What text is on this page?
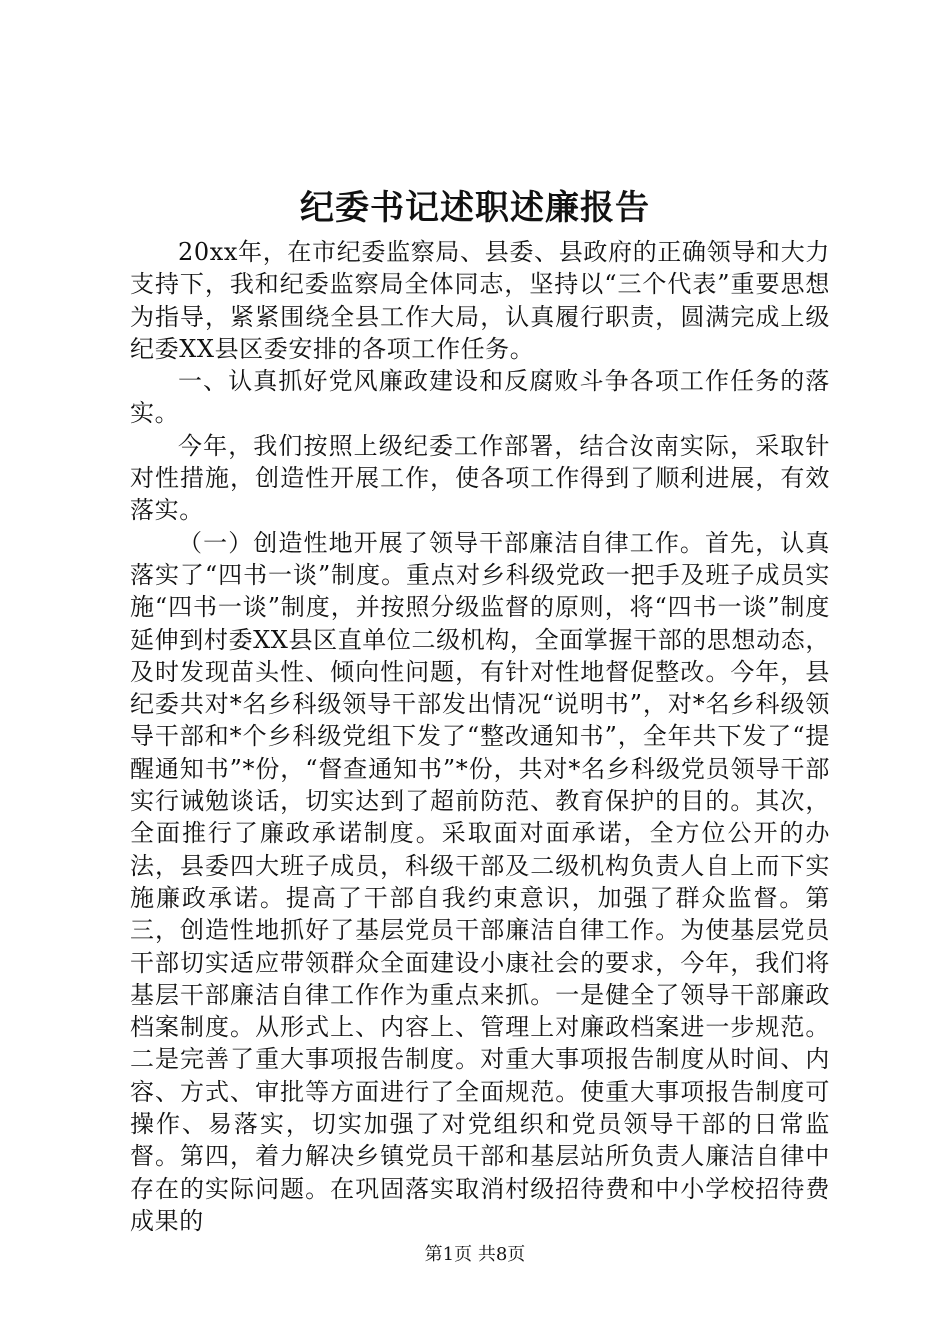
纪委书记述职述廉报告

20xx年，在市纪委监察局、县委、县政府的正确领导和大力支持下，我和纪委监察局全体同志，坚持以“三个代表”重要思想为指导，紧紧围绕全县工作大局，认真履行职责，圆满完成上级纪委XX县区委安排的各项工作任务。

一、认真抓好党风廉政建设和反腐败斗争各项工作任务的落实。

今年，我们按照上级纪委工作部署，结合汝南实际，采取针对性措施，创造性开展工作，使各项工作得到了顺利进展，有效落实。

（一）创造性地开展了领导干部廉洁自律工作。首先，认真落实了“四书一谈”制度。重点对乡科级党政一把手及班子成员实施“四书一谈”制度，并按照分级监督的原则，将“四书一谈”制度延伸到村委XX县区直单位二级机构，全面掌握干部的思想动态，及时发现苗头性、倾向性问题，有针对性地督促整改。今年，县纪委共对*名乡科级领导干部发出情况“说明书”，对*名乡科级领导干部和*个乡科级党组下发了“整改通知书”，全年共下发了“提醒通知书”*份，“督查通知书”*份，共对*名乡科级党员领导干部实行诫勉谈话，切实达到了超前防范、教育保护的目的。其次，全面推行了廉政承诺制度。采取面对面承诺，全方位公开的办法，县委四大班子成员，科级干部及二级机构负责人自上而下实施廉政承诺。提高了干部自我约束意识，加强了群众监督。第三，创造性地抓好了基层党员干部廉洁自律工作。为使基层党员干部切实适应带领群众全面建设小康社会的要求，今年，我们将基层干部廉洁自律工作作为重点来抓。一是健全了领导干部廉政档案制度。从形式上、内容上、管理上对廉政档案进一步规范。二是完善了重大事项报告制度。对重大事项报告制度从时间、内容、方式、审批等方面进行了全面规范。使重大事项报告制度可操作、易落实，切实加强了对党组织和党员领导干部的日常监督。第四，着力解决乡镇党员干部和基层站所负责人廉洁自律中存在的实际问题。在巩固落实取消村级招待费和中小学校招待费成果的

第1页 共8页
